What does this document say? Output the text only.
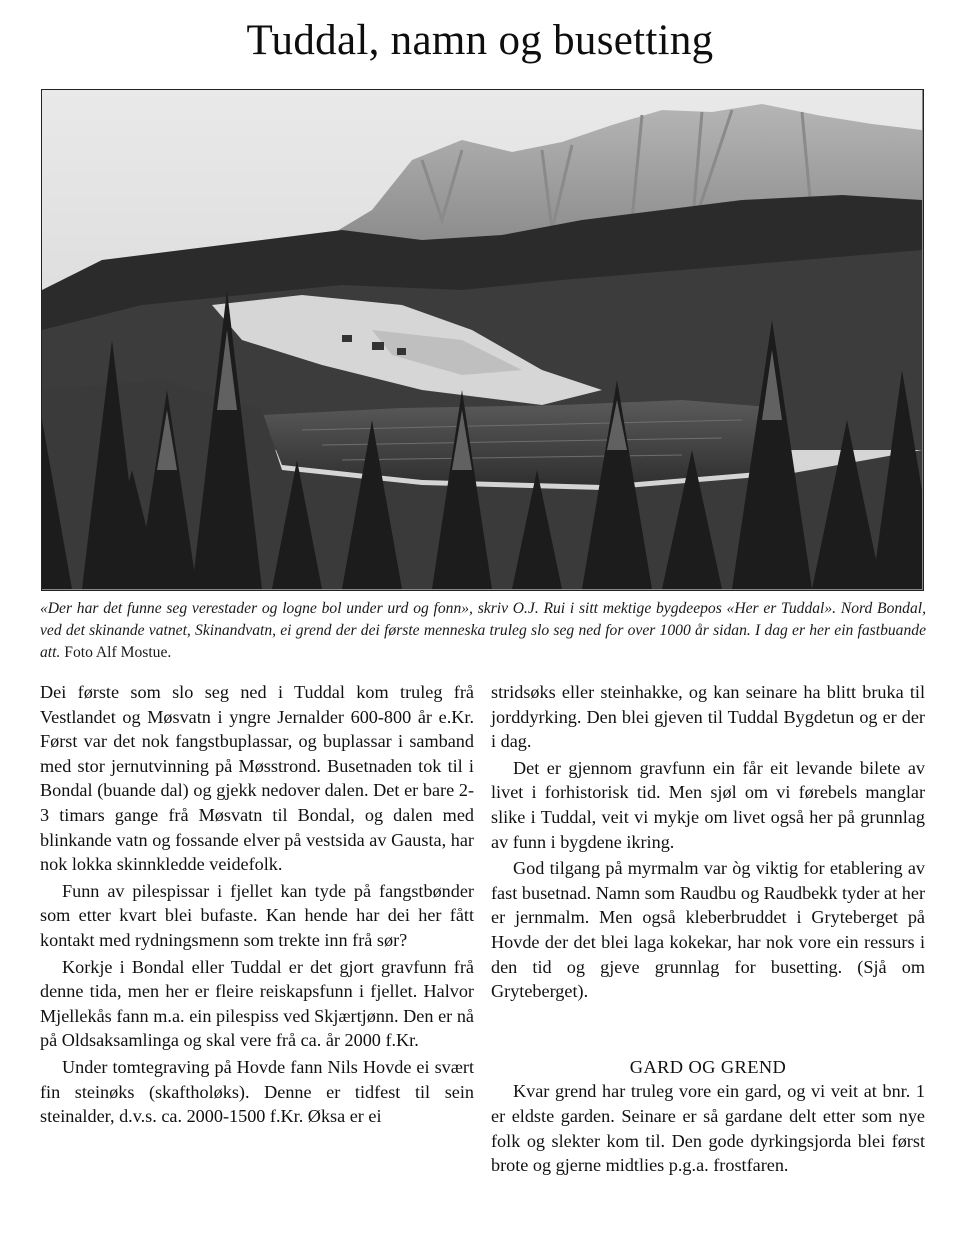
Tuddal, namn og busetting
«Der har det funne seg verestader og logne bol under urd og fonn», skriv O.J. Rui i sitt mektige bygdeepos «Her er Tuddal». Nord Bondal, ved det skinande vatnet, Skinandvatn, ei grend der dei første menneska truleg slo seg ned for over 1000 år sidan. I dag er her ein fastbuande att. Foto Alf Mostue.

Dei første som slo seg ned i Tuddal kom truleg frå Vestlandet og Møsvatn i yngre Jernalder 600-800 år e.Kr. Først var det nok fangstbuplassar, og buplassar i samband med stor jernutvinning på Møsstrond. Busetnaden tok til i Bondal (buande dal) og gjekk nedover dalen. Det er bare 2-3 timars gange frå Møsvatn til Bondal, og dalen med blinkande vatn og fossande elver på vestsida av Gausta, har nok lokka skinnkledde veidefolk.

Funn av pilespissar i fjellet kan tyde på fangstbønder som etter kvart blei bufaste. Kan hende har dei her fått kontakt med rydningsmenn som trekte inn frå sør?

Korkje i Bondal eller Tuddal er det gjort gravfunn frå denne tida, men her er fleire reiskapsfunn i fjellet. Halvor Mjellekås fann m.a. ein pilespiss ved Skjærtjønn. Den er nå på Oldsaksamlinga og skal vere frå ca. år 2000 f.Kr.

Under tomtegraving på Hovde fann Nils Hovde ei svært fin steinøks (skaftholøks). Denne er tidfest til sein steinalder, d.v.s. ca. 2000-1500 f.Kr. Øksa er ei

stridsøks eller steinhakke, og kan seinare ha blitt bruka til jorddyrking. Den blei gjeven til Tuddal Bygdetun og er der i dag.

Det er gjennom gravfunn ein får eit levande bilete av livet i forhistorisk tid. Men sjøl om vi førebels manglar slike i Tuddal, veit vi mykje om livet også her på grunnlag av funn i bygdene ikring.

God tilgang på myrmalm var òg viktig for etablering av fast busetnad. Namn som Raudbu og Raudbekk tyder at her er jernmalm. Men også kleberbruddet i Gryteberget på Hovde der det blei laga kokekar, har nok vore ein ressurs i den tid og gjeve grunnlag for busetting. (Sjå om Gryteberget).

GARD OG GREND

Kvar grend har truleg vore ein gard, og vi veit at bnr. 1 er eldste garden. Seinare er så gardane delt etter som nye folk og slekter kom til. Den gode dyrkingsjorda blei først brote og gjerne midtlies p.g.a. frostfaren.
